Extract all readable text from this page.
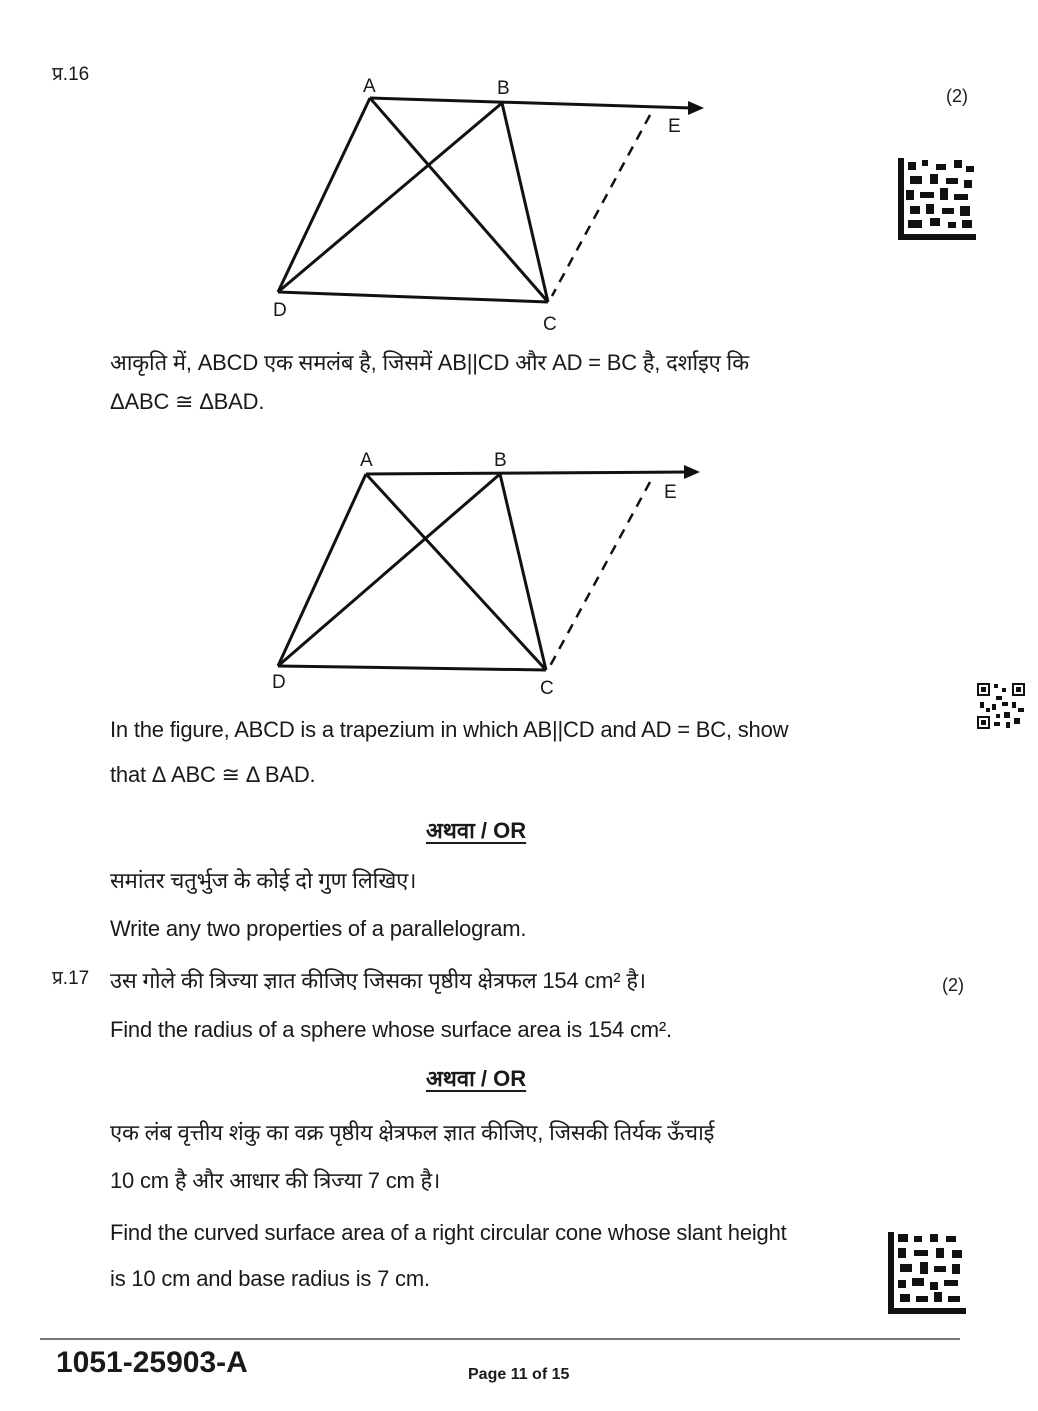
प्र.16
(2)
A	B
E
D
C
आकृति में, ABCD एक समलंब है, जिसमें AB||CD और AD = BC है, दर्शाइए कि
ΔABC ≅ ΔBAD.
A	B
E
D	C
In the figure, ABCD is a trapezium in which AB||CD and AD = BC, show
that Δ ABC ≅ Δ BAD.
अथवा / OR
समांतर चतुर्भुज के कोई दो गुण लिखिए।
Write any two properties of a parallelogram.
प्र.17	(2)
उस गोले की त्रिज्या ज्ञात कीजिए जिसका पृष्ठीय क्षेत्रफल 154 cm² है।
Find the radius of a sphere whose surface area is 154 cm².
अथवा / OR
एक लंब वृत्तीय शंकु का वक्र पृष्ठीय क्षेत्रफल ज्ञात कीजिए, जिसकी तिर्यक ऊँचाई
10 cm है और आधार की त्रिज्या 7 cm है।
Find the curved surface area of a right circular cone whose slant height
is 10 cm and base radius is 7 cm.
1051-25903-A	Page 11 of 15
